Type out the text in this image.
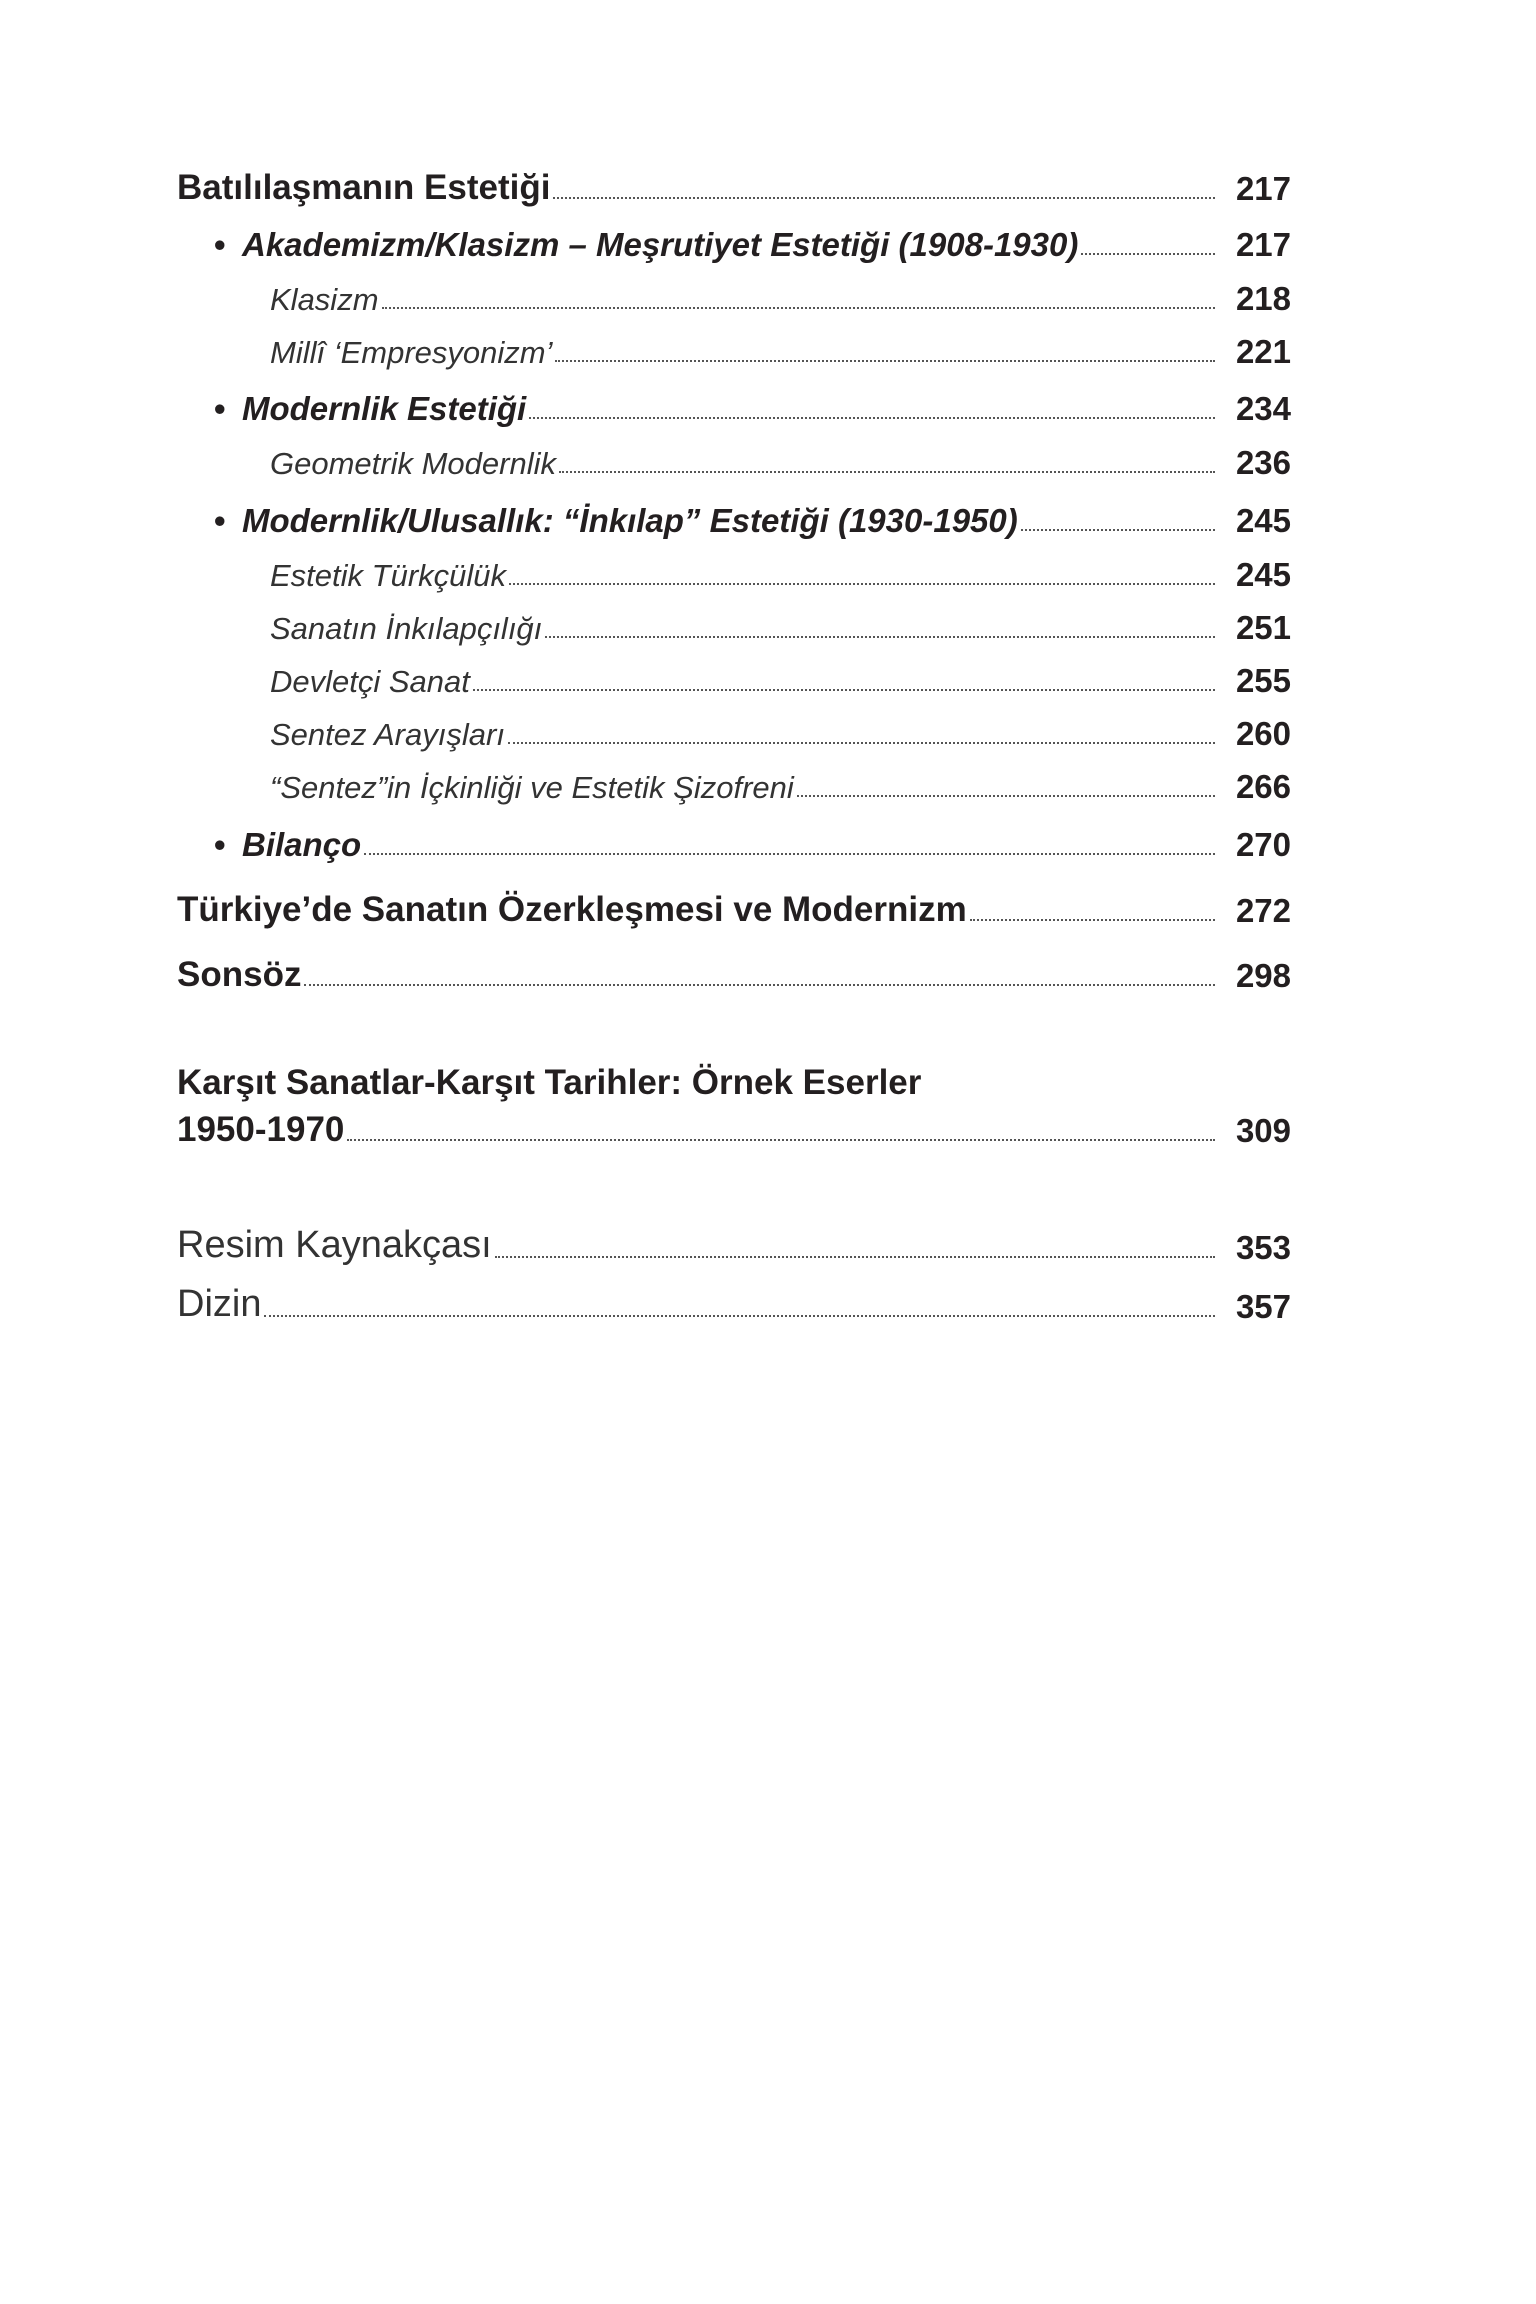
Batılılaşmanın Estetiği	217
• Akademizm/Klasizm – Meşrutiyet Estetiği (1908-1930)	217
Klasizm	218
Millî ‘Empresyonizm’	221
• Modernlik Estetiği	234
Geometrik Modernlik	236
• Modernlik/Ulusallık: “İnkılap” Estetiği (1930-1950)	245
Estetik Türkçülük	245
Sanatın İnkılapçılığı	251
Devletçi Sanat	255
Sentez Arayışları	260
“Sentez”in İçkinliği ve Estetik Şizofreni	266
• Bilanço	270
Türkiye’de Sanatın Özerkleşmesi ve Modernizm	272
Sonsöz	298
Karşıt Sanatlar-Karşıt Tarihler: Örnek Eserler
1950-1970	309
Resim Kaynakçası	353
Dizin	357
